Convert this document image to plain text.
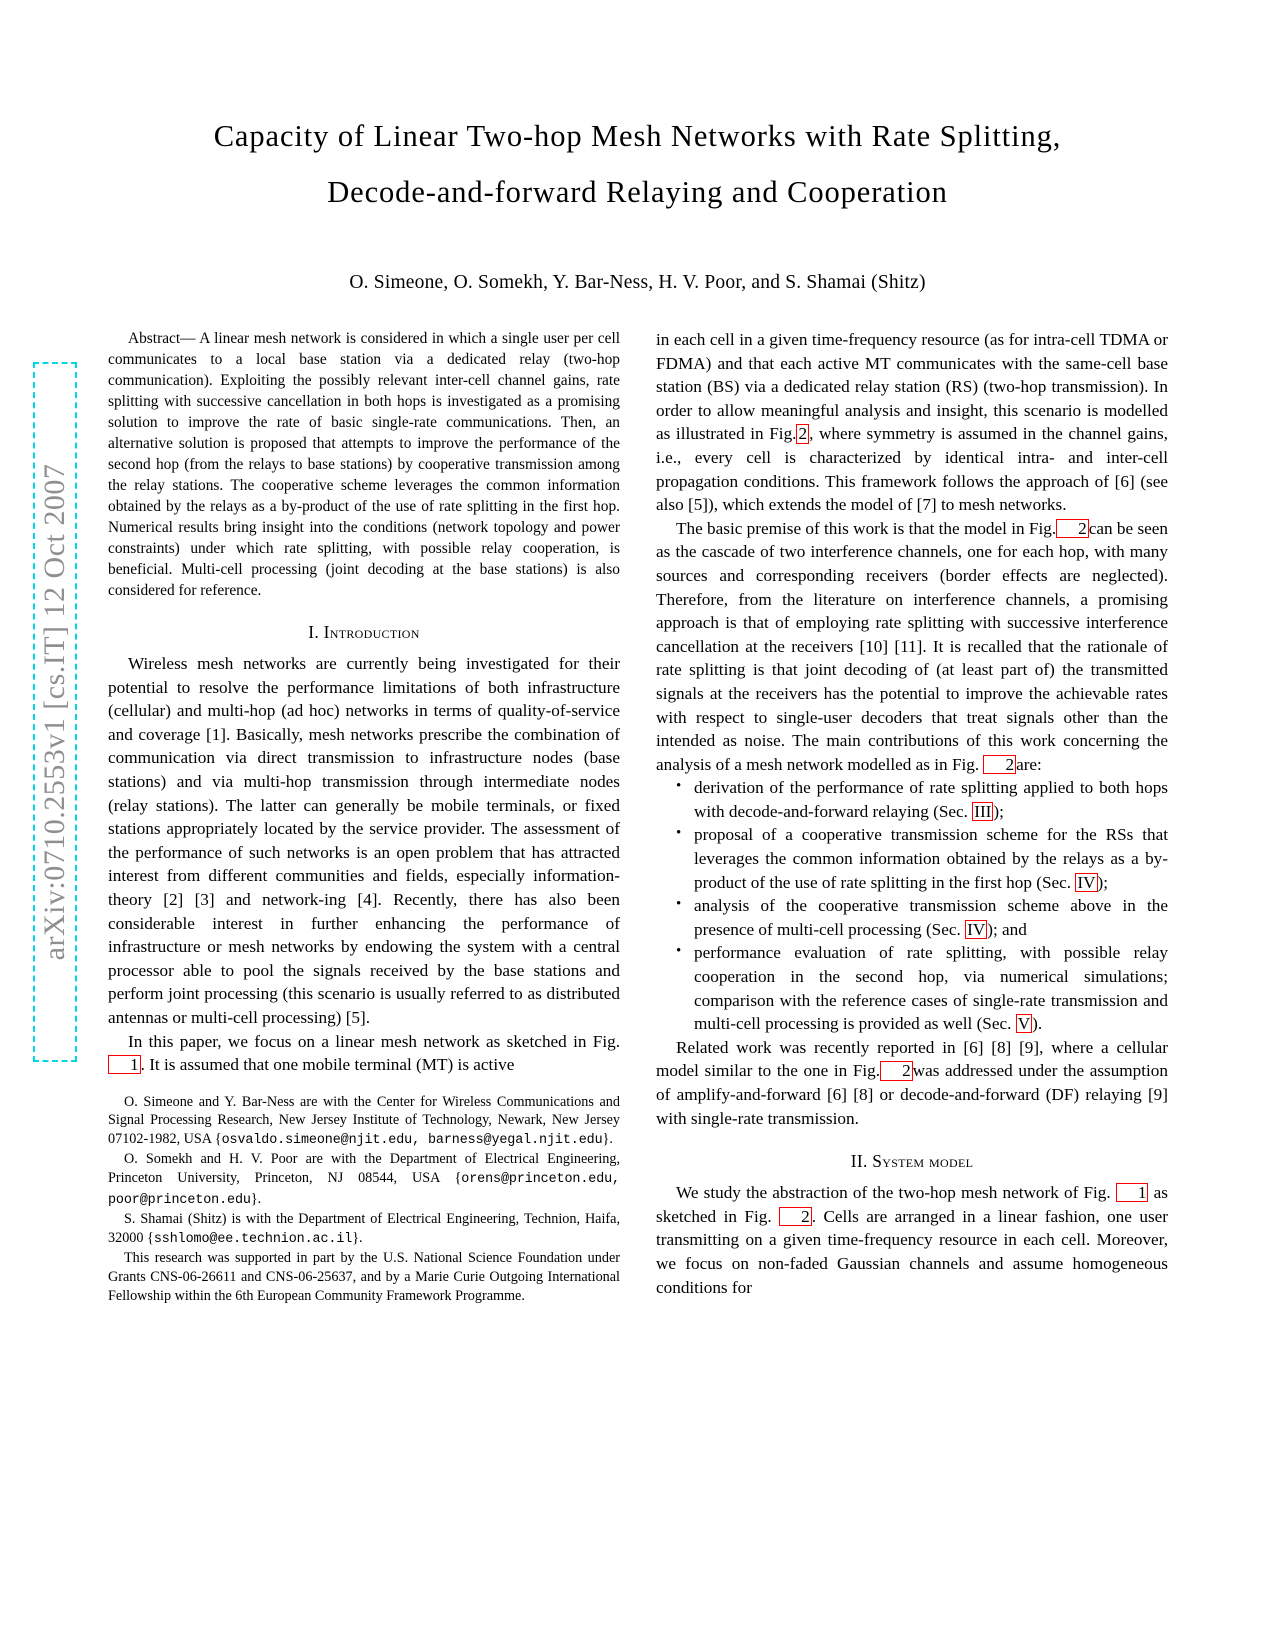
arXiv:0710.2553v1 [cs.IT] 12 Oct 2007
Capacity of Linear Two-hop Mesh Networks with Rate Splitting,
Decode-and-forward Relaying and Cooperation
O. Simeone, O. Somekh, Y. Bar-Ness, H. V. Poor, and S. Shamai (Shitz)

Abstract— A linear mesh network is considered in which a single user per cell communicates to a local base station via a dedicated relay (two-hop communication). Exploiting the possibly relevant inter-cell channel gains, rate splitting with successive cancellation in both hops is investigated as a promising solution to improve the rate of basic single-rate communications. Then, an alternative solution is proposed that attempts to improve the performance of the second hop (from the relays to base stations) by cooperative transmission among the relay stations. The cooperative scheme leverages the common information obtained by the relays as a by-product of the use of rate splitting in the first hop. Numerical results bring insight into the conditions (network topology and power constraints) under which rate splitting, with possible relay cooperation, is beneficial. Multi-cell processing (joint decoding at the base stations) is also considered for reference.

I. Introduction

Wireless mesh networks are currently being investigated for their potential to resolve the performance limitations of both infrastructure (cellular) and multi-hop (ad hoc) networks in terms of quality-of-service and coverage [1]. Basically, mesh networks prescribe the combination of communication via direct transmission to infrastructure nodes (base stations) and via multi-hop transmission through intermediate nodes (relay stations). The latter can generally be mobile terminals, or fixed stations appropriately located by the service provider. The assessment of the performance of such networks is an open problem that has attracted interest from different communities and fields, especially information-theory [2] [3] and network-ing [4]. Recently, there has also been considerable interest in further enhancing the performance of infrastructure or mesh networks by endowing the system with a central processor able to pool the signals received by the base stations and perform joint processing (this scenario is usually referred to as distributed antennas or multi-cell processing) [5].

In this paper, we focus on a linear mesh network as sketched in Fig.1 . It is assumed that one mobile terminal (MT) is active

O. Simeone and Y. Bar-Ness are with the Center for Wireless Communications and Signal Processing Research, New Jersey Institute of Technology, Newark, New Jersey 07102-1982, USA {osvaldo.simeone@njit.edu, barness@yegal.njit.edu}.

O. Somekh and H. V. Poor are with the Department of Electrical Engineering, Princeton University, Princeton, NJ 08544, USA {orens@princeton.edu, poor@princeton.edu}.

S. Shamai (Shitz) is with the Department of Electrical Engineering, Technion, Haifa, 32000 {sshlomo@ee.technion.ac.il}.

This research was supported in part by the U.S. National Science Foundation under Grants CNS-06-26611 and CNS-06-25637, and by a Marie Curie Outgoing International Fellowship within the 6th European Community Framework Programme.

in each cell in a given time-frequency resource (as for intra-cell TDMA or FDMA) and that each active MT communicates with the same-cell base station (BS) via a dedicated relay station (RS) (two-hop transmission). In order to allow meaningful analysis and insight, this scenario is modelled as illustrated in Fig. 2 , where symmetry is assumed in the channel gains, i.e., every cell is characterized by identical intra- and inter-cell propagation conditions. This framework follows the approach of [6] (see also [5]), which extends the model of [7] to mesh networks.

The basic premise of this work is that the model in Fig. 2 can be seen as the cascade of two interference channels, one for each hop, with many sources and corresponding receivers (border effects are neglected). Therefore, from the literature on interference channels, a promising approach is that of employing rate splitting with successive interference cancellation at the receivers [10] [11]. It is recalled that the rationale of rate splitting is that joint decoding of (at least part of) the transmitted signals at the receivers has the potential to improve the achievable rates with respect to single-user decoders that treat signals other than the intended as noise. The main contributions of this work concerning the analysis of a mesh network modelled as in Fig. 2 are:

• derivation of the performance of rate splitting applied to both hops with decode-and-forward relaying (Sec. III );
• proposal of a cooperative transmission scheme for the RSs that leverages the common information obtained by the relays as a by-product of the use of rate splitting in the first hop (Sec. IV );
• analysis of the cooperative transmission scheme above in the presence of multi-cell processing (Sec. IV ); and
• performance evaluation of rate splitting, with possible relay cooperation in the second hop, via numerical simulations; comparison with the reference cases of single-rate transmission and multi-cell processing is provided as well (Sec. V ).

Related work was recently reported in [6] [8] [9], where a cellular model similar to the one in Fig. 2 was addressed under the assumption of amplify-and-forward [6] [8] or decode-and-forward (DF) relaying [9] with single-rate transmission.

II. System model

We study the abstraction of the two-hop mesh network of Fig. 1 as sketched in Fig. 2 . Cells are arranged in a linear fashion, one user transmitting on a given time-frequency resource in each cell. Moreover, we focus on non-faded Gaussian channels and assume homogeneous conditions for
